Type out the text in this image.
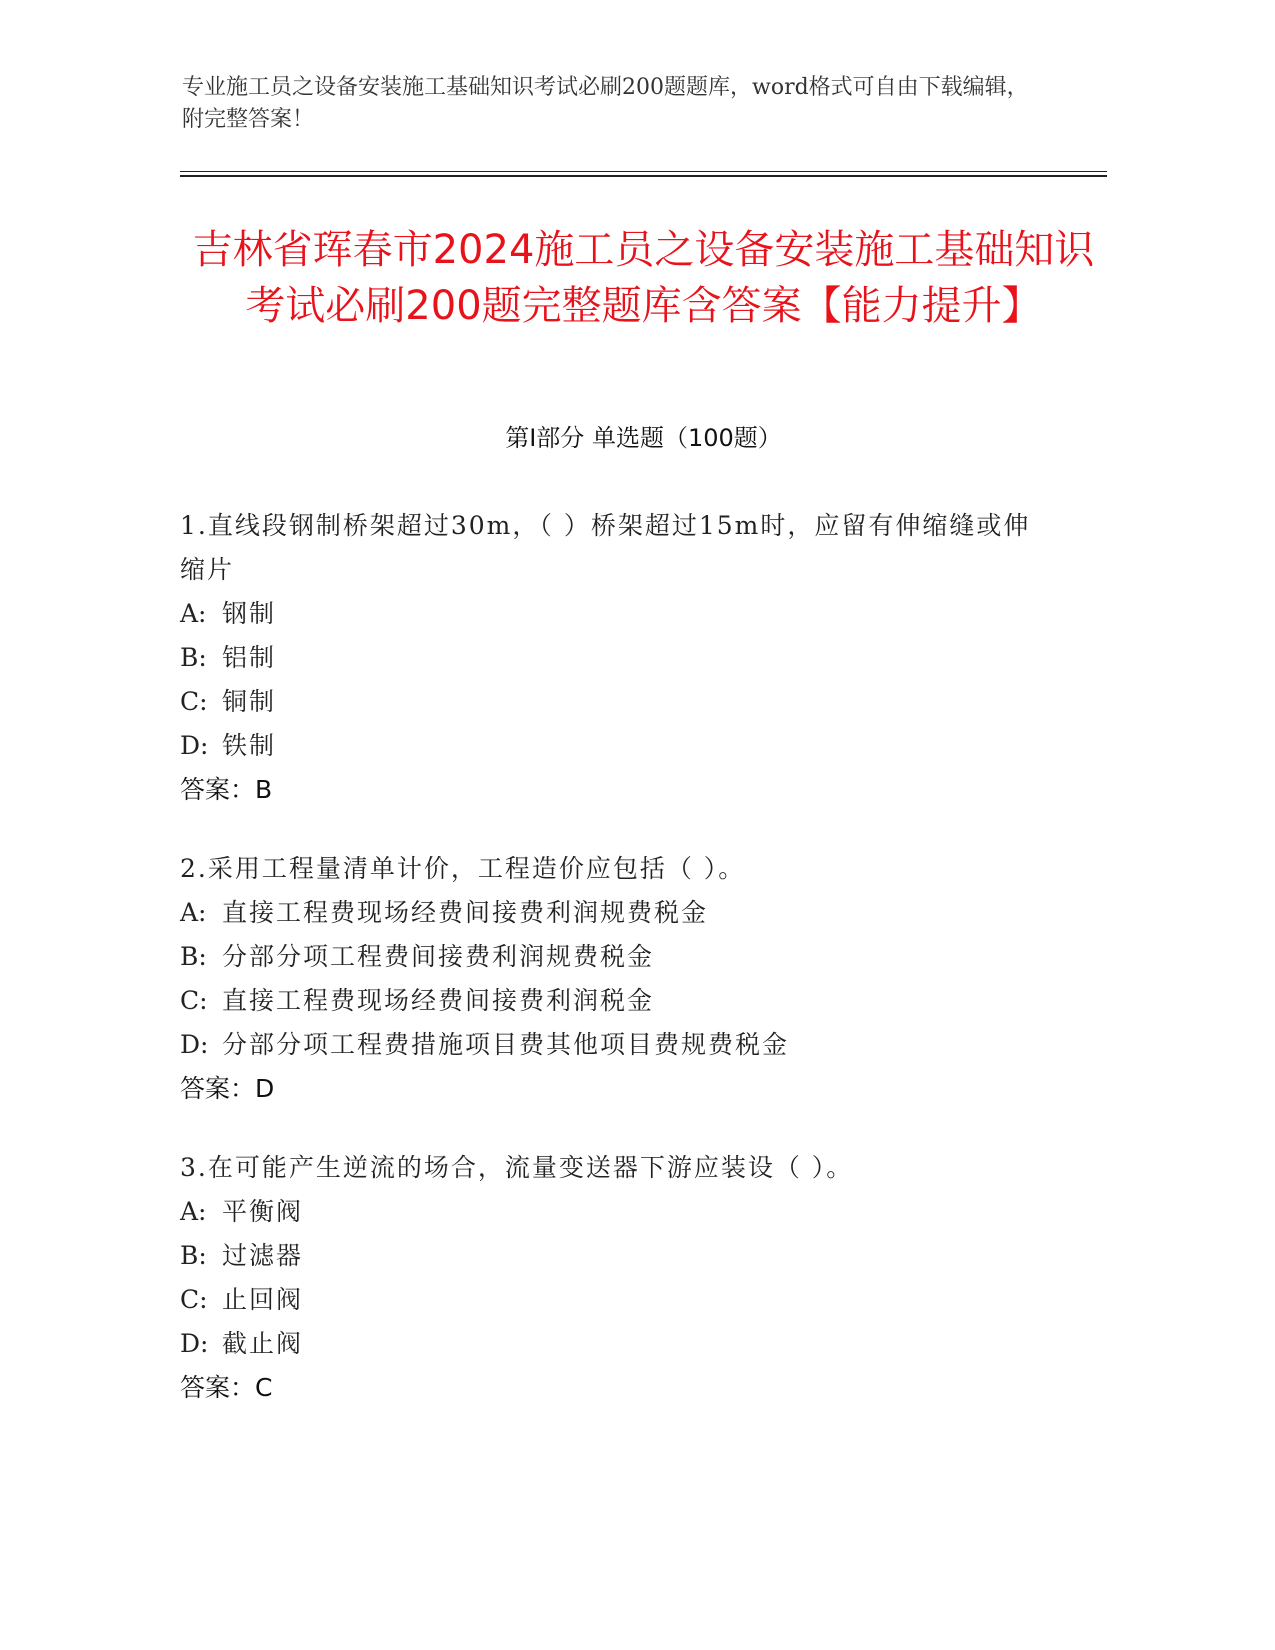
专业施工员之设备安装施工基础知识考试必刷200题题库，word格式可自由下载编辑，附完整答案！
吉林省珲春市2024施工员之设备安装施工基础知识考试必刷200题完整题库含答案【能力提升】
第I部分 单选题（100题）
1.直线段钢制桥架超过30m，（ ）桥架超过15m时，应留有伸缩缝或伸缩片
A: 钢制
B: 铝制
C: 铜制
D: 铁制
答案：B
2.采用工程量清单计价，工程造价应包括（ ）。
A: 直接工程费现场经费间接费利润规费税金
B: 分部分项工程费间接费利润规费税金
C: 直接工程费现场经费间接费利润税金
D: 分部分项工程费措施项目费其他项目费规费税金
答案：D
3.在可能产生逆流的场合，流量变送器下游应装设（ ）。
A: 平衡阀
B: 过滤器
C: 止回阀
D: 截止阀
答案：C
